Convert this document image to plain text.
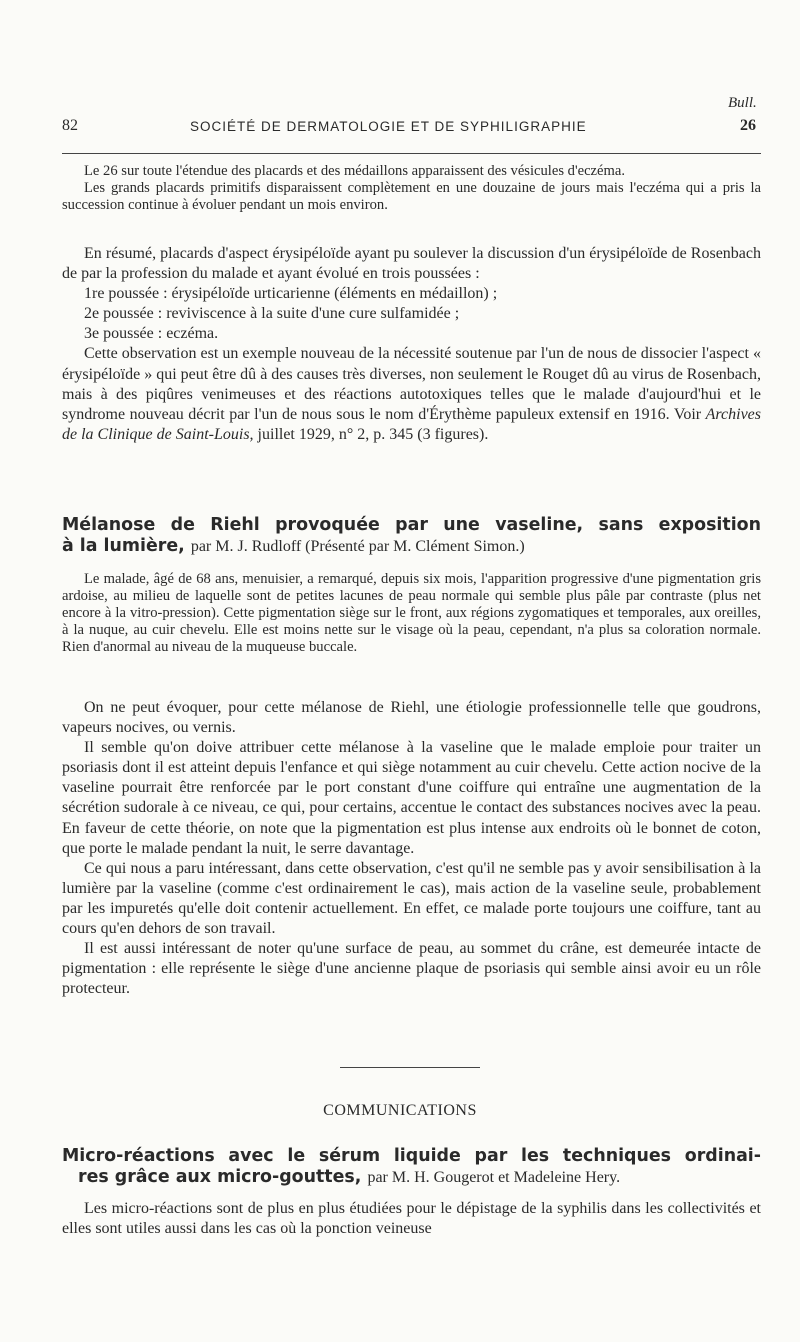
Bull.
82	SOCIÉTÉ DE DERMATOLOGIE ET DE SYPHILIGRAPHIE	26

Le 26 sur toute l'étendue des placards et des médaillons apparaissent des vésicules d'eczéma.

Les grands placards primitifs disparaissent complètement en une douzaine de jours mais l'eczéma qui a pris la succession continue à évoluer pendant un mois environ.

En résumé, placards d'aspect érysipéloïde ayant pu soulever la discussion d'un érysipéloïde de Rosenbach de par la profession du malade et ayant évolué en trois poussées :

1re poussée : érysipéloïde urticarienne (éléments en médaillon) ;

2e poussée : reviviscence à la suite d'une cure sulfamidée ;

3e poussée : eczéma.

Cette observation est un exemple nouveau de la nécessité soutenue par l'un de nous de dissocier l'aspect « érysipéloïde » qui peut être dû à des causes très diverses, non seulement le Rouget dû au virus de Rosenbach, mais à des piqûres venimeuses et des réactions autotoxiques telles que le malade d'aujourd'hui et le syndrome nouveau décrit par l'un de nous sous le nom d'Érythème papuleux extensif en 1916. Voir Archives de la Clinique de Saint-Louis, juillet 1929, n° 2, p. 345 (3 figures).

Mélanose de Riehl provoquée par une vaseline, sans exposition
à la lumière, par M. J. Rudloff (Présenté par M. Clément Simon.)

Le malade, âgé de 68 ans, menuisier, a remarqué, depuis six mois, l'apparition progressive d'une pigmentation gris ardoise, au milieu de laquelle sont de petites lacunes de peau normale qui semble plus pâle par contraste (plus net encore à la vitro-pression). Cette pigmentation siège sur le front, aux régions zygomatiques et temporales, aux oreilles, à la nuque, au cuir chevelu. Elle est moins nette sur le visage où la peau, cependant, n'a plus sa coloration normale. Rien d'anormal au niveau de la muqueuse buccale.

On ne peut évoquer, pour cette mélanose de Riehl, une étiologie professionnelle telle que goudrons, vapeurs nocives, ou vernis.

Il semble qu'on doive attribuer cette mélanose à la vaseline que le malade emploie pour traiter un psoriasis dont il est atteint depuis l'enfance et qui siège notamment au cuir chevelu. Cette action nocive de la vaseline pourrait être renforcée par le port constant d'une coiffure qui entraîne une augmentation de la sécrétion sudorale à ce niveau, ce qui, pour certains, accentue le contact des substances nocives avec la peau. En faveur de cette théorie, on note que la pigmentation est plus intense aux endroits où le bonnet de coton, que porte le malade pendant la nuit, le serre davantage.

Ce qui nous a paru intéressant, dans cette observation, c'est qu'il ne semble pas y avoir sensibilisation à la lumière par la vaseline (comme c'est ordinairement le cas), mais action de la vaseline seule, probablement par les impuretés qu'elle doit contenir actuellement. En effet, ce malade porte toujours une coiffure, tant au cours qu'en dehors de son travail.

Il est aussi intéressant de noter qu'une surface de peau, au sommet du crâne, est demeurée intacte de pigmentation : elle représente le siège d'une ancienne plaque de psoriasis qui semble ainsi avoir eu un rôle protecteur.

COMMUNICATIONS
Micro-réactions avec le sérum liquide par les techniques ordinai-
res grâce aux micro-gouttes, par M. H. Gougerot et Madeleine Hery.

Les micro-réactions sont de plus en plus étudiées pour le dépistage de la syphilis dans les collectivités et elles sont utiles aussi dans les cas où la ponction veineuse
